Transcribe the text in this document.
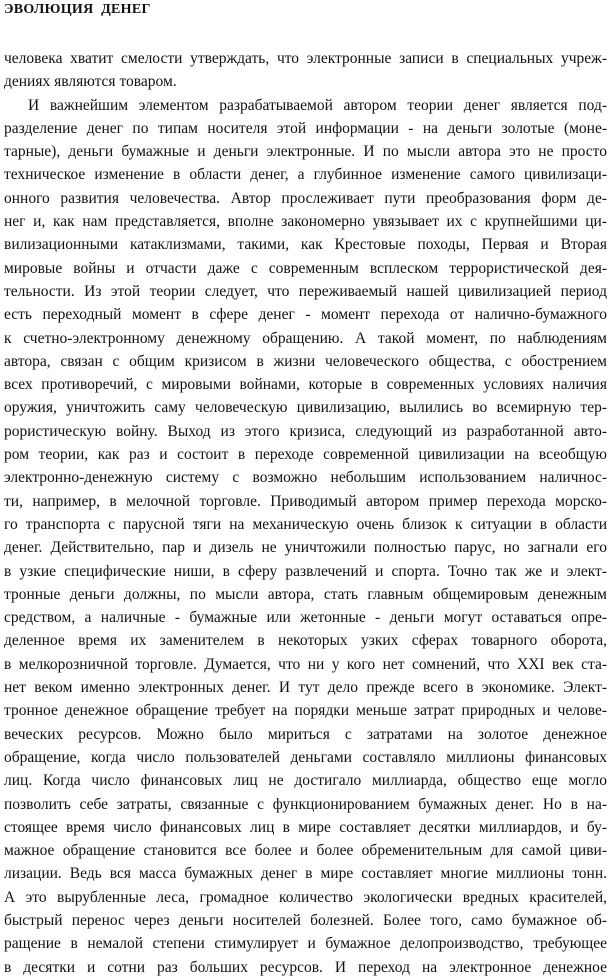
ЭВОЛЮЦИЯ  ДЕНЕГ
человека хватит смелости утверждать, что электронные записи в специальных учреж-
дениях являются товаром.
И важнейшим элементом разрабатываемой автором теории денег является под-
разделение денег по типам носителя этой информации - на деньги золотые (моне-
тарные), деньги бумажные и деньги электронные. И по мысли автора это не просто
техническое изменение в области денег, а глубинное изменение самого цивилизаци-
онного развития человечества. Автор прослеживает пути преобразования форм де-
нег и, как нам представляется, вполне закономерно увязывает их с крупнейшими ци-
вилизационными катаклизмами, такими, как Крестовые походы, Первая и Вторая
мировые войны и отчасти даже с современным всплеском террористической дея-
тельности. Из этой теории следует, что переживаемый нашей цивилизацией период
есть переходный момент в сфере денег - момент перехода от налично-бумажного
к счетно-электронному денежному обращению. А такой момент, по наблюдениям
автора, связан с общим кризисом в жизни человеческого общества, с обострением
всех противоречий, с мировыми войнами, которые в современных условиях наличия
оружия, уничтожить саму человеческую цивилизацию, вылились во всемирную тер-
рористическую войну. Выход из этого кризиса, следующий из разработанной авто-
ром теории, как раз и состоит в переходе современной цивилизации на всеобщую
электронно-денежную систему с возможно небольшим использованием наличнос-
ти, например, в мелочной торговле. Приводимый автором пример перехода морско-
го транспорта с парусной тяги на механическую очень близок к ситуации в области
денег. Действительно, пар и дизель не уничтожили полностью парус, но загнали его
в узкие специфические ниши, в сферу развлечений и спорта. Точно так же и элект-
тронные деньги должны, по мысли автора, стать главным общемировым денежным
средством, а наличные - бумажные или жетонные - деньги могут оставаться опре-
деленное время их заменителем в некоторых узких сферах товарного оборота,
в мелкорозничной торговле. Думается, что ни у кого нет сомнений, что XXI век ста-
нет веком именно электронных денег. И тут дело прежде всего в экономике. Элект-
тронное денежное обращение требует на порядки меньше затрат природных и челове-
веческих ресурсов. Можно было мириться с затратами на золотое денежное
обращение, когда число пользователей деньгами составляло миллионы финансовых
лиц. Когда число финансовых лиц не достигало миллиарда, общество еще могло
позволить себе затраты, связанные с функционированием бумажных денег. Но в на-
стоящее время число финансовых лиц в мире составляет десятки миллиардов, и бу-
мажное обращение становится все более и более обременительным для самой циви-
лизации. Ведь вся масса бумажных денег в мире составляет многие миллионы тонн.
А это вырубленные леса, громадное количество экологически вредных красителей,
быстрый перенос через деньги носителей болезней. Более того, само бумажное об-
ращение в немалой степени стимулирует и бумажное делопроизводство, требующее
в десятки и сотни раз больших ресурсов. И переход на электронное денежное
